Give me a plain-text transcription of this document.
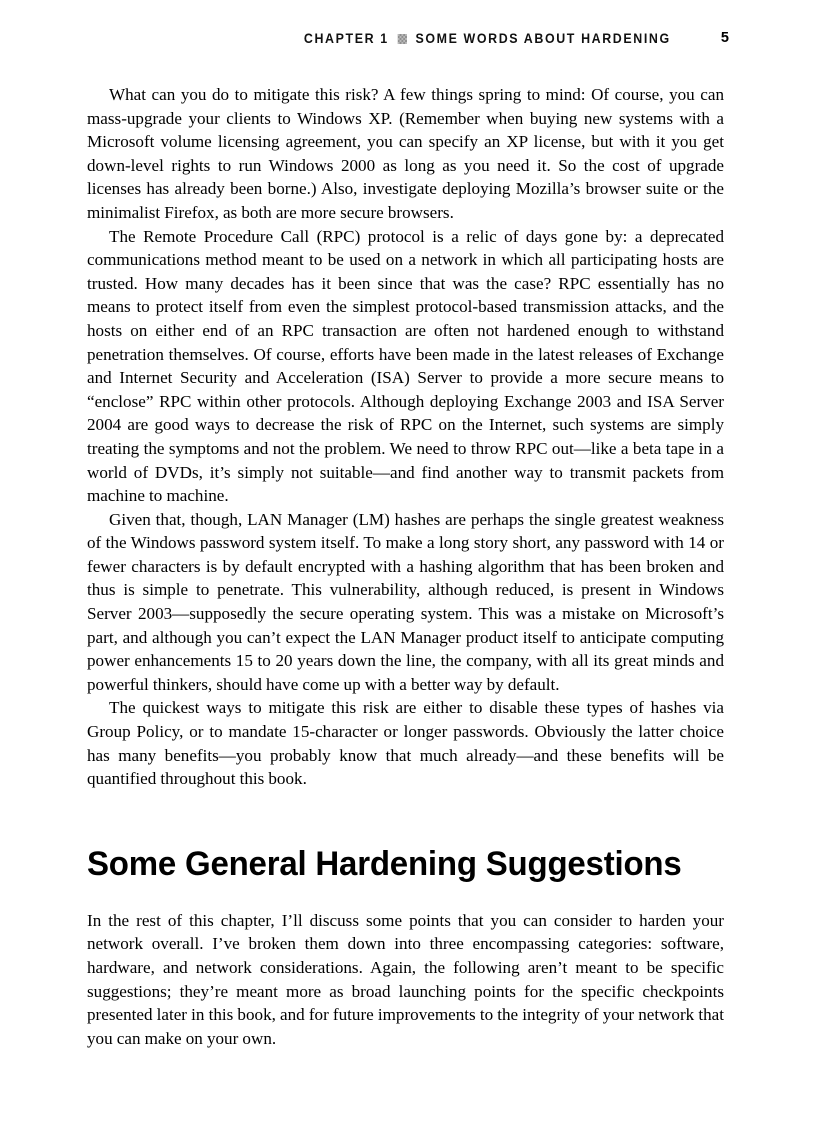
CHAPTER 1 SOME WORDS ABOUT HARDENING	5

What can you do to mitigate this risk? A few things spring to mind: Of course, you can mass-upgrade your clients to Windows XP. (Remember when buying new systems with a Microsoft volume licensing agreement, you can specify an XP license, but with it you get down-level rights to run Windows 2000 as long as you need it. So the cost of upgrade licenses has already been borne.) Also, investigate deploying Mozilla’s browser suite or the minimalist Firefox, as both are more secure browsers.

The Remote Procedure Call (RPC) protocol is a relic of days gone by: a deprecated communications method meant to be used on a network in which all participating hosts are trusted. How many decades has it been since that was the case? RPC essentially has no means to protect itself from even the simplest protocol-based transmission attacks, and the hosts on either end of an RPC transaction are often not hardened enough to withstand penetration themselves. Of course, efforts have been made in the latest releases of Exchange and Internet Security and Acceleration (ISA) Server to provide a more secure means to “enclose” RPC within other protocols. Although deploying Exchange 2003 and ISA Server 2004 are good ways to decrease the risk of RPC on the Internet, such systems are simply treating the symptoms and not the problem. We need to throw RPC out—like a beta tape in a world of DVDs, it’s simply not suitable—and find another way to transmit packets from machine to machine.

Given that, though, LAN Manager (LM) hashes are perhaps the single greatest weakness of the Windows password system itself. To make a long story short, any password with 14 or fewer characters is by default encrypted with a hashing algorithm that has been broken and thus is simple to penetrate. This vulnerability, although reduced, is present in Windows Server 2003—supposedly the secure operating system. This was a mistake on Microsoft’s part, and although you can’t expect the LAN Manager product itself to anticipate computing power enhancements 15 to 20 years down the line, the company, with all its great minds and powerful thinkers, should have come up with a better way by default.

The quickest ways to mitigate this risk are either to disable these types of hashes via Group Policy, or to mandate 15-character or longer passwords. Obviously the latter choice has many benefits—you probably know that much already—and these benefits will be quantified throughout this book.

Some General Hardening Suggestions

In the rest of this chapter, I’ll discuss some points that you can consider to harden your network overall. I’ve broken them down into three encompassing categories: software, hardware, and network considerations. Again, the following aren’t meant to be specific suggestions; they’re meant more as broad launching points for the specific checkpoints presented later in this book, and for future improvements to the integrity of your network that you can make on your own.
